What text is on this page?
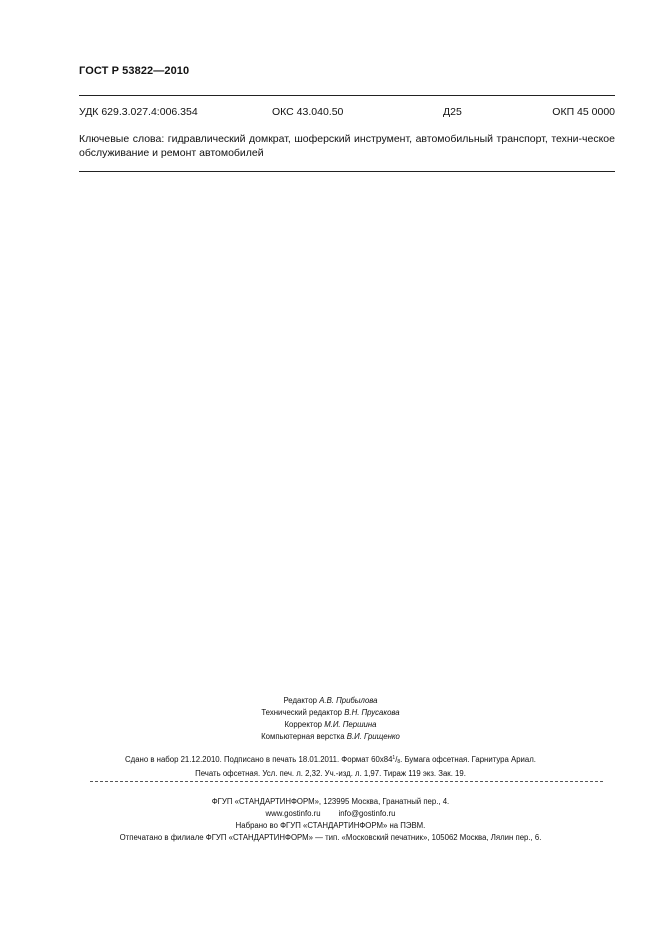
ГОСТ Р 53822—2010
УДК 629.3.027.4:006.354	ОКС 43.040.50	Д25	ОКП 45 0000
Ключевые слова: гидравлический домкрат, шоферский инструмент, автомобильный транспорт, техни-ческое обслуживание и ремонт автомобилей
Редактор А.В. Прибылова
Технический редактор В.Н. Прусакова
Корректор М.И. Першина
Компьютерная верстка В.И. Грищенко
Сдано в набор 21.12.2010. Подписано в печать 18.01.2011. Формат $60x84^1/_8$. Бумага офсетная. Гарнитура Ариал.
Печать офсетная. Усл. печ. л. 2,32. Уч.-изд. л. 1,97. Тираж 119 экз. Зак. 19.
ФГУП «СТАНДАРТИНФОРМ», 123995 Москва, Гранатный пер., 4.
www.gostinfo.ru info@gostinfo.ru
Набрано во ФГУП «СТАНДАРТИНФОРМ» на ПЭВМ.
Отпечатано в филиале ФГУП «СТАНДАРТИНФОРМ» — тип. «Московский печатник», 105062 Москва, Лялин пер., 6.
